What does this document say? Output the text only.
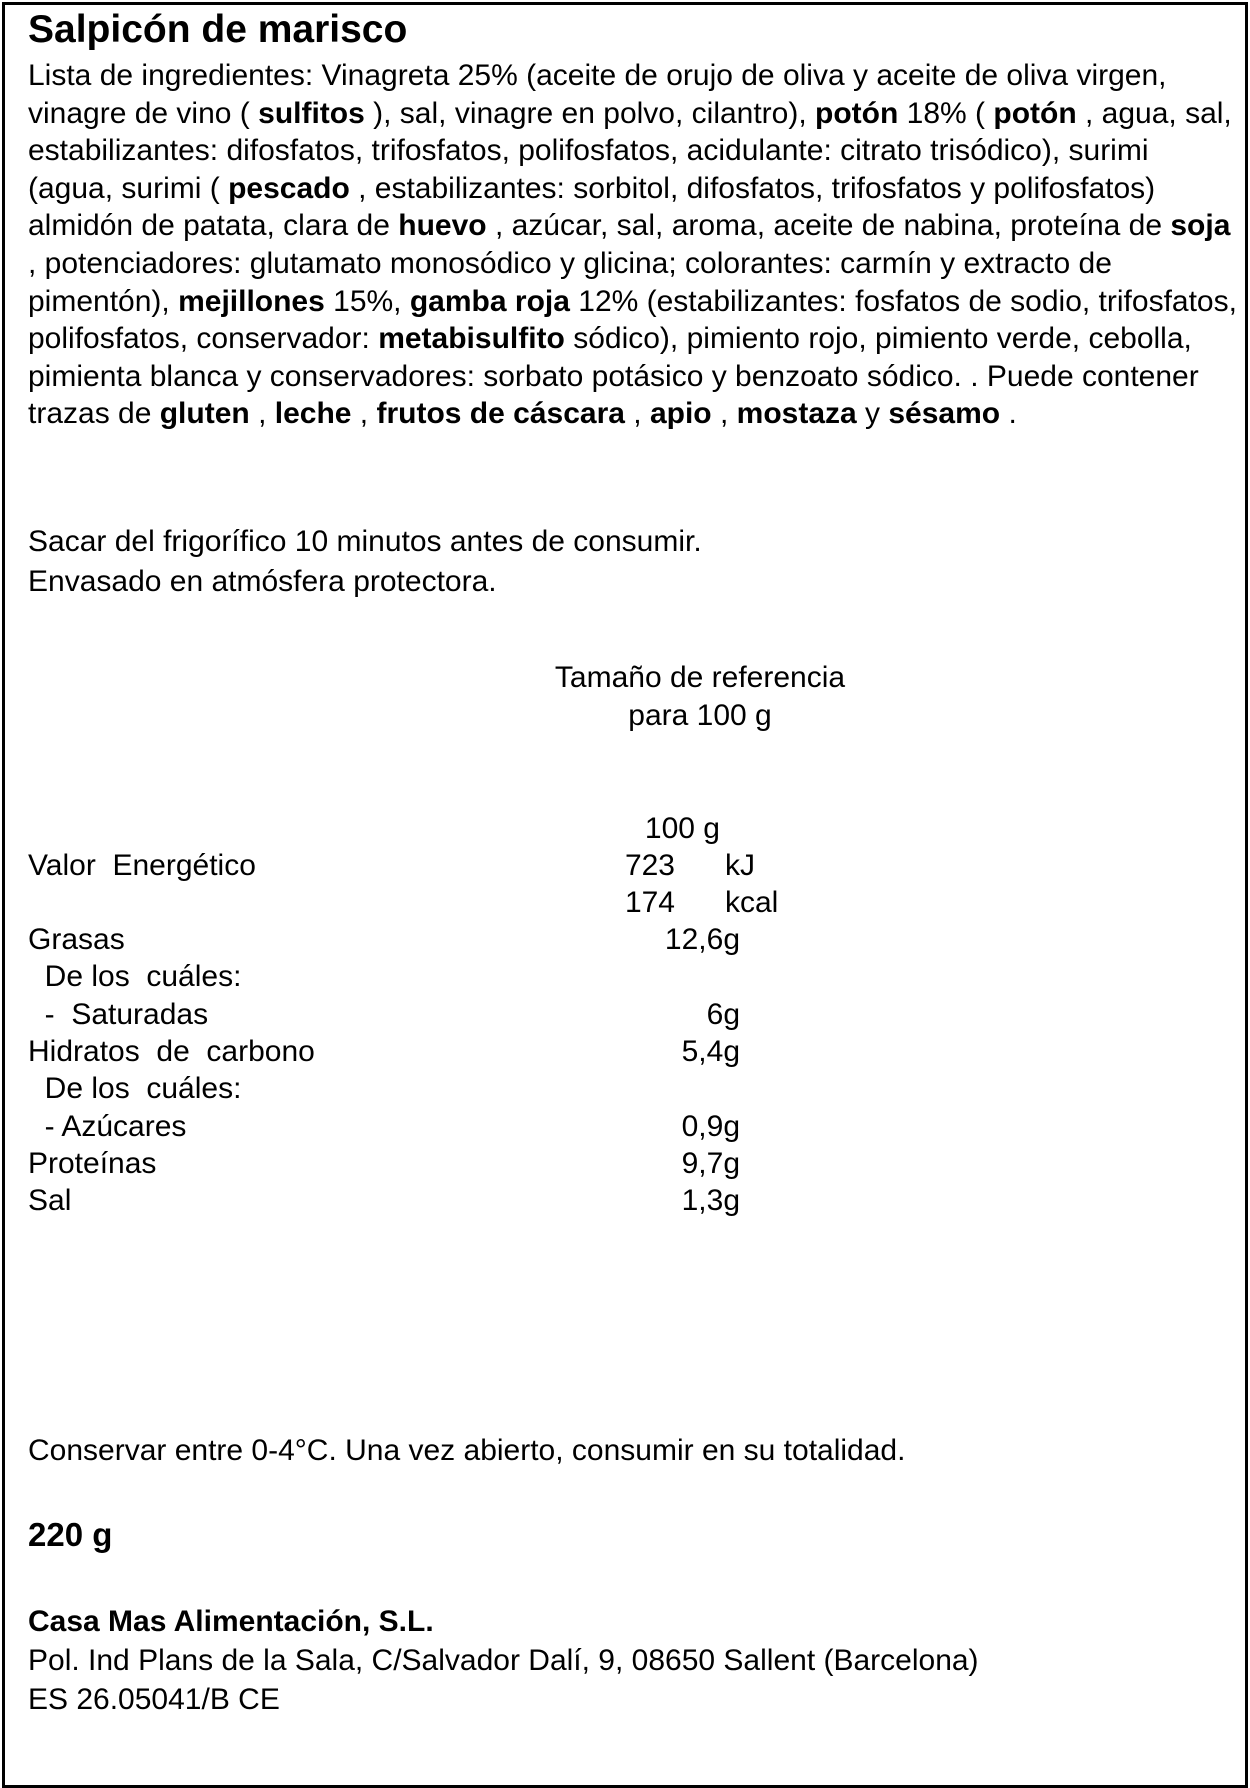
Salpicón de marisco
Lista de ingredientes: Vinagreta 25% (aceite de orujo de oliva y aceite de oliva virgen, vinagre de vino ( sulfitos ), sal, vinagre en polvo, cilantro), potón 18% ( potón , agua, sal, estabilizantes: difosfatos, trifosfatos, polifosfatos, acidulante: citrato trisódico), surimi (agua, surimi ( pescado , estabilizantes: sorbitol, difosfatos, trifosfatos y polifosfatos) almidón de patata, clara de huevo , azúcar, sal, aroma, aceite de nabina, proteína de soja , potenciadores: glutamato monosódico y glicina; colorantes: carmín y extracto de pimentón), mejillones 15%, gamba roja 12% (estabilizantes: fosfatos de sodio, trifosfatos, polifosfatos, conservador: metabisulfito sódico), pimiento rojo, pimiento verde, cebolla, pimienta blanca y conservadores: sorbato potásico y benzoato sódico. . Puede contener trazas de gluten , leche , frutos de cáscara , apio , mostaza y sésamo .
Sacar del frigorífico 10 minutos antes de consumir.
Envasado en atmósfera protectora.
Tamaño de referencia
para 100 g
100 g
Valor  Energético	723 kJ
174 kcal
Grasas	12,6g
De los  cuáles:
-  Saturadas	6g
Hidratos  de  carbono	5,4g
De los  cuáles:
- Azúcares	0,9g
Proteínas	9,7g
Sal	1,3g
Conservar entre 0-4°C. Una vez abierto, consumir en su totalidad.
220 g
Casa Mas Alimentación, S.L.
Pol. Ind Plans de la Sala, C/Salvador Dalí, 9, 08650 Sallent (Barcelona)
ES 26.05041/B CE
